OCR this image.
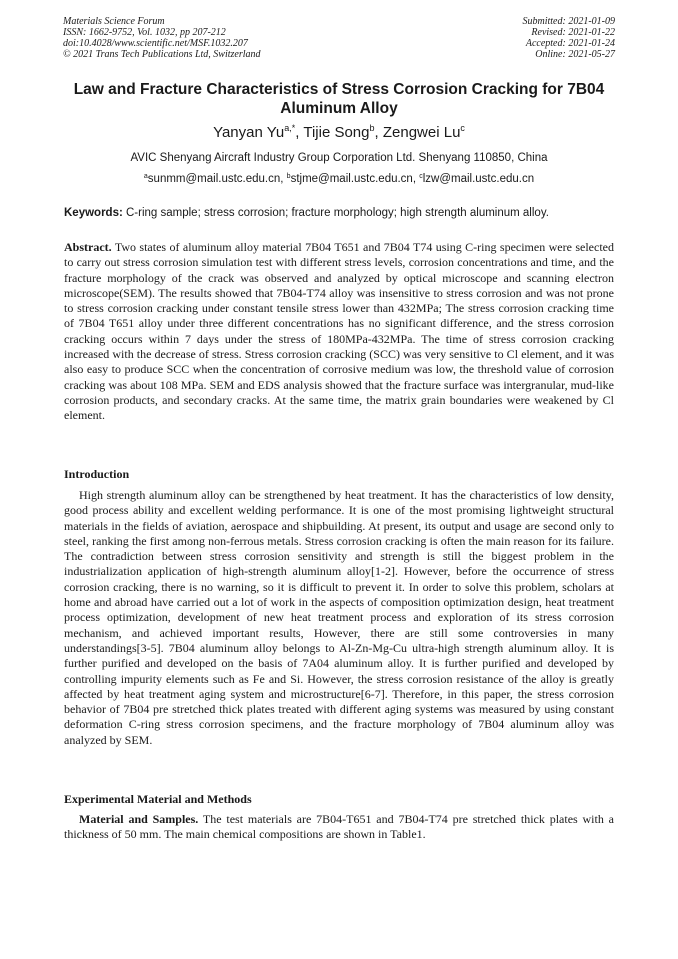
Materials Science Forum
ISSN: 1662-9752, Vol. 1032, pp 207-212
doi:10.4028/www.scientific.net/MSF.1032.207
© 2021 Trans Tech Publications Ltd, Switzerland
Submitted: 2021-01-09
Revised: 2021-01-22
Accepted: 2021-01-24
Online: 2021-05-27
Law and Fracture Characteristics of Stress Corrosion Cracking for 7B04 Aluminum Alloy
Yanyan $Yu^{a,*}$, Tijie Song$^b$, Zengwei Lu$^c$
AVIC Shenyang Aircraft Industry Group Corporation Ltd. Shenyang 110850, China
$^a$sunmm@mail.ustc.edu.cn, $^b$stjme@mail.ustc.edu.cn, $^c$lzw@mail.ustc.edu.cn
Keywords: C-ring sample; stress corrosion; fracture morphology; high strength aluminum alloy.
Abstract. Two states of aluminum alloy material 7B04 T651 and 7B04 T74 using C-ring specimen were selected to carry out stress corrosion simulation test with different stress levels, corrosion concentrations and time, and the fracture morphology of the crack was observed and analyzed by optical microscope and scanning electron microscope(SEM). The results showed that 7B04-T74 alloy was insensitive to stress corrosion and was not prone to stress corrosion cracking under constant tensile stress lower than 432MPa; The stress corrosion cracking time of 7B04 T651 alloy under three different concentrations has no significant difference, and the stress corrosion cracking occurs within 7 days under the stress of 180MPa-432MPa. The time of stress corrosion cracking increased with the decrease of stress. Stress corrosion cracking (SCC) was very sensitive to Cl element, and it was also easy to produce SCC when the concentration of corrosive medium was low, the threshold value of corrosion cracking was about 108 MPa. SEM and EDS analysis showed that the fracture surface was intergranular, mud-like corrosion products, and secondary cracks. At the same time, the matrix grain boundaries were weakened by Cl element.
Introduction
High strength aluminum alloy can be strengthened by heat treatment. It has the characteristics of low density, good process ability and excellent welding performance. It is one of the most promising lightweight structural materials in the fields of aviation, aerospace and shipbuilding. At present, its output and usage are second only to steel, ranking the first among non-ferrous metals. Stress corrosion cracking is often the main reason for its failure. The contradiction between stress corrosion sensitivity and strength is still the biggest problem in the industrialization application of high-strength aluminum alloy[1-2]. However, before the occurrence of stress corrosion cracking, there is no warning, so it is difficult to prevent it. In order to solve this problem, scholars at home and abroad have carried out a lot of work in the aspects of composition optimization design, heat treatment process optimization, development of new heat treatment process and exploration of its stress corrosion mechanism, and achieved important results, However, there are still some controversies in many understandings[3-5]. 7B04 aluminum alloy belongs to Al-Zn-Mg-Cu ultra-high strength aluminum alloy. It is further purified and developed on the basis of 7A04 aluminum alloy. It is further purified and developed by controlling impurity elements such as Fe and Si. However, the stress corrosion resistance of the alloy is greatly affected by heat treatment aging system and microstructure[6-7]. Therefore, in this paper, the stress corrosion behavior of 7B04 pre stretched thick plates treated with different aging systems was measured by using constant deformation C-ring stress corrosion specimens, and the fracture morphology of 7B04 aluminum alloy was analyzed by SEM.
Experimental Material and Methods
Material and Samples. The test materials are 7B04-T651 and 7B04-T74 pre stretched thick plates with a thickness of 50 mm. The main chemical compositions are shown in Table1.
